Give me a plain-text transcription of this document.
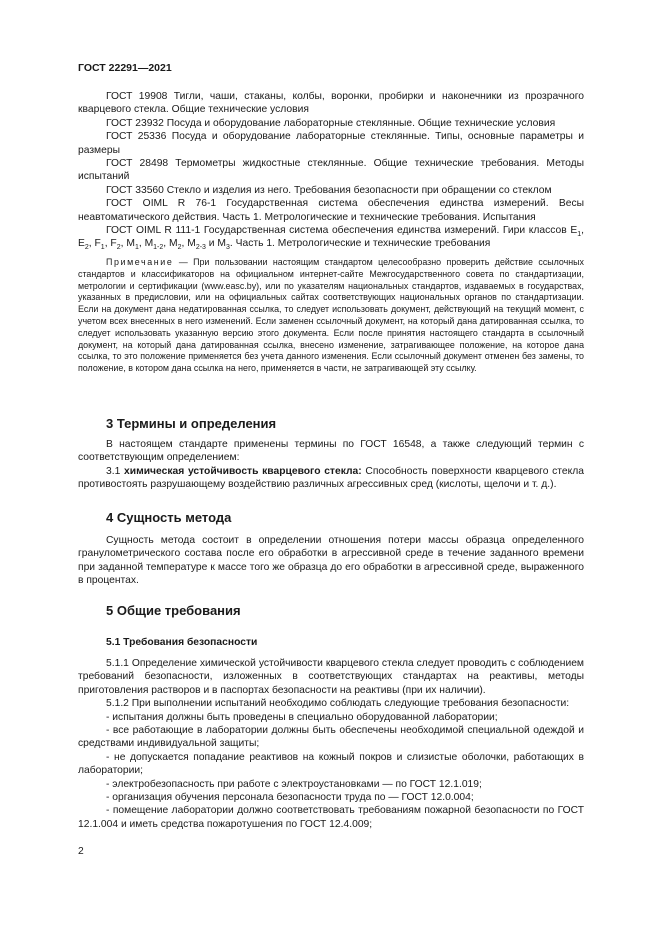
ГОСТ 22291—2021

ГОСТ 19908 Тигли, чаши, стаканы, колбы, воронки, пробирки и наконечники из прозрачного кварцевого стекла. Общие технические условия

ГОСТ 23932 Посуда и оборудование лабораторные стеклянные. Общие технические условия

ГОСТ 25336 Посуда и оборудование лабораторные стеклянные. Типы, основные параметры и размеры

ГОСТ 28498 Термометры жидкостные стеклянные. Общие технические требования. Методы испытаний

ГОСТ 33560 Стекло и изделия из него. Требования безопасности при обращении со стеклом

ГОСТ OIML R 76-1 Государственная система обеспечения единства измерений. Весы неавтоматического действия. Часть 1. Метрологические и технические требования. Испытания

ГОСТ OIML R 111-1 Государственная система обеспечения единства измерений. Гири классов $E_1$, $E_2$, $F_1$, $F_2$, $M_1$, $M_{1-2}$, $M_2$, $M_{2-3}$ и $M_3$. Часть 1. Метрологические и технические требования

Примечание — При пользовании настоящим стандартом целесообразно проверить действие ссылочных стандартов и классификаторов на официальном интернет-сайте Межгосударственного совета по стандартизации, метрологии и сертификации (www.easc.by), или по указателям национальных стандартов, издаваемых в государствах, указанных в предисловии, или на официальных сайтах соответствующих национальных органов по стандартизации. Если на документ дана недатированная ссылка, то следует использовать документ, действующий на текущий момент, с учетом всех внесенных в него изменений. Если заменен ссылочный документ, на который дана датированная ссылка, то следует использовать указанную версию этого документа. Если после принятия настоящего стандарта в ссылочный документ, на который дана датированная ссылка, внесено изменение, затрагивающее положение, на которое дана ссылка, то это положение применяется без учета данного изменения. Если ссылочный документ отменен без замены, то положение, в котором дана ссылка на него, применяется в части, не затрагивающей эту ссылку.

3 Термины и определения

В настоящем стандарте применены термины по ГОСТ 16548, а также следующий термин с соответствующим определением:

3.1 химическая устойчивость кварцевого стекла: Способность поверхности кварцевого стекла противостоять разрушающему воздействию различных агрессивных сред (кислоты, щелочи и т. д.).

4 Сущность метода

Сущность метода состоит в определении отношения потери массы образца определенного гранулометрического состава после его обработки в агрессивной среде в течение заданного времени при заданной температуре к массе того же образца до его обработки в агрессивной среде, выраженного в процентах.

5 Общие требования
5.1 Требования безопасности

5.1.1 Определение химической устойчивости кварцевого стекла следует проводить с соблюдением требований безопасности, изложенных в соответствующих стандартах на реактивы, методы приготовления растворов и в паспортах безопасности на реактивы (при их наличии).

5.1.2 При выполнении испытаний необходимо соблюдать следующие требования безопасности:

- испытания должны быть проведены в специально оборудованной лаборатории;

- все работающие в лаборатории должны быть обеспечены необходимой специальной одеждой и средствами индивидуальной защиты;

- не допускается попадание реактивов на кожный покров и слизистые оболочки, работающих в лаборатории;

- электробезопасность при работе с электроустановками — по ГОСТ 12.1.019;

- организация обучения персонала безопасности труда по — ГОСТ 12.0.004;

- помещение лаборатории должно соответствовать требованиям пожарной безопасности по ГОСТ 12.1.004 и иметь средства пожаротушения по ГОСТ 12.4.009;

2
